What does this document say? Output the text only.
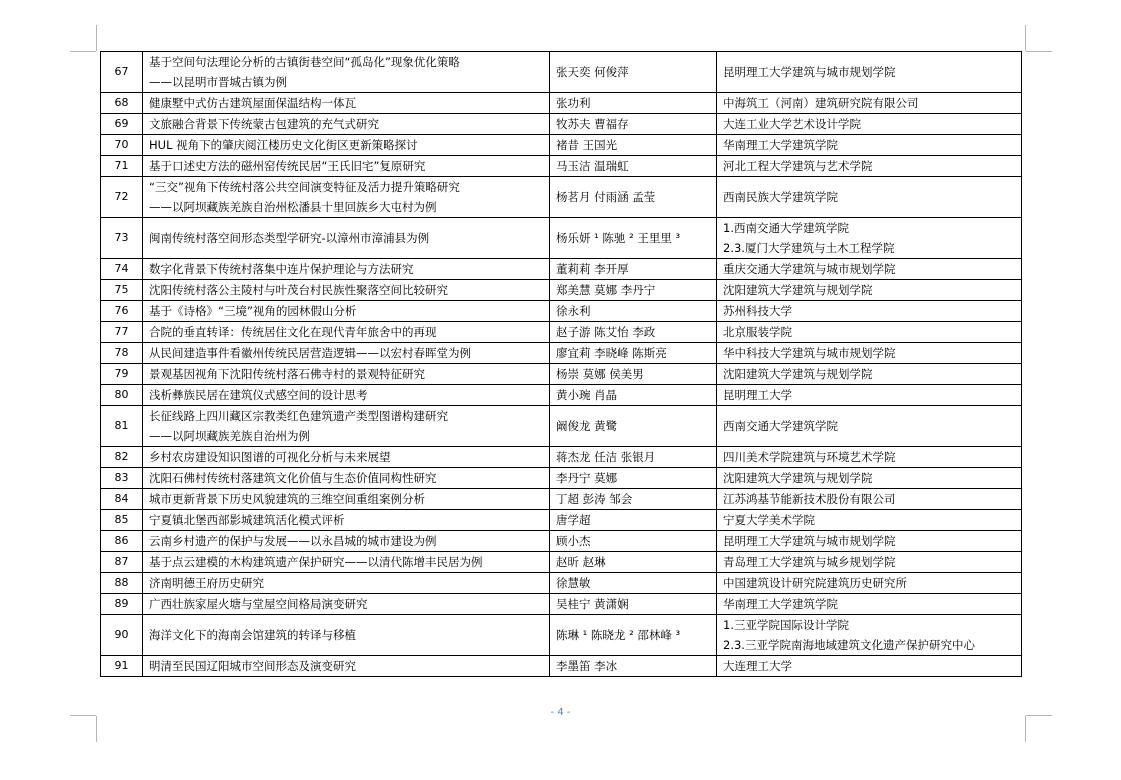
67	基于空间句法理论分析的古镇街巷空间“孤岛化”现象优化策略
——以昆明市晋城古镇为例	张天奕 何俊萍	昆明理工大学建筑与城市规划学院

68	健康墅中式仿古建筑屋面保温结构一体瓦	张功利	中海筑工（河南）建筑研究院有限公司

69	文旅融合背景下传统蒙古包建筑的充气式研究	牧苏夫 曹福存	大连工业大学艺术设计学院

70	HUL 视角下的肇庆阅江楼历史文化街区更新策略探讨	褚昔 王国光	华南理工大学建筑学院

71	基于口述史方法的磁州窑传统民居“王氏旧宅”复原研究	马玉洁 温瑞虹	河北工程大学建筑与艺术学院

72	“三交”视角下传统村落公共空间演变特征及活力提升策略研究
——以阿坝藏族羌族自治州松潘县十里回族乡大屯村为例	杨茗月 付雨涵 孟莹	西南民族大学建筑学院

73	闽南传统村落空间形态类型学研究-以漳州市漳浦县为例	杨乐妍 ¹ 陈驰 ² 王里里 ³	1.西南交通大学建筑学院
2.3.厦门大学建筑与土木工程学院

74	数字化背景下传统村落集中连片保护理论与方法研究	董莉莉 李开厚	重庆交通大学建筑与城市规划学院

75	沈阳传统村落公主陵村与叶茂台村民族性聚落空间比较研究	郑美慧 莫娜 李丹宁	沈阳建筑大学建筑与规划学院

76	基于《诗格》“三境”视角的园林假山分析	徐永利	苏州科技大学

77	合院的垂直转译：传统居住文化在现代青年旅舍中的再现	赵子游 陈艾怡 李政	北京服装学院

78	从民间建造事件看徽州传统民居营造逻辑——以宏村春晖堂为例	廖宜莉 李晓峰 陈斯亮	华中科技大学建筑与城市规划学院

79	景观基因视角下沈阳传统村落石佛寺村的景观特征研究	杨崇 莫娜 侯美男	沈阳建筑大学建筑与规划学院

80	浅析彝族民居在建筑仪式感空间的设计思考	黄小琬 肖晶	昆明理工大学

81	长征线路上四川藏区宗教类红色建筑遗产类型图谱构建研究
——以阿坝藏族羌族自治州为例	阚俊龙 黄鹭	西南交通大学建筑学院

82	乡村农房建设知识图谱的可视化分析与未来展望	蒋杰龙 任洁 张银月	四川美术学院建筑与环境艺术学院

83	沈阳石佛村传统村落建筑文化价值与生态价值同构性研究	李丹宁 莫娜	沈阳建筑大学建筑与规划学院

84	城市更新背景下历史风貌建筑的三维空间重组案例分析	丁超 彭涛 邹会	江苏鸿基节能新技术股份有限公司

85	宁夏镇北堡西部影城建筑活化模式评析	唐学超	宁夏大学美术学院

86	云南乡村遗产的保护与发展——以永昌城的城市建设为例	顾小杰	昆明理工大学建筑与城市规划学院

87	基于点云建模的木构建筑遗产保护研究——以清代陈增丰民居为例	赵昕 赵琳	青岛理工大学建筑与城乡规划学院

88	济南明德王府历史研究	徐慧敏	中国建筑设计研究院建筑历史研究所

89	广西壮族家屋火塘与堂屋空间格局演变研究	吴桂宁 黄潇娴	华南理工大学建筑学院

90	海洋文化下的海南会馆建筑的转译与移植	陈琳 ¹ 陈晓龙 ² 邵林峰 ³	1.三亚学院国际设计学院
2.3.三亚学院南海地域建筑文化遗产保护研究中心

91	明清至民国辽阳城市空间形态及演变研究	李墨笛 李冰	大连理工大学
- 4 -
